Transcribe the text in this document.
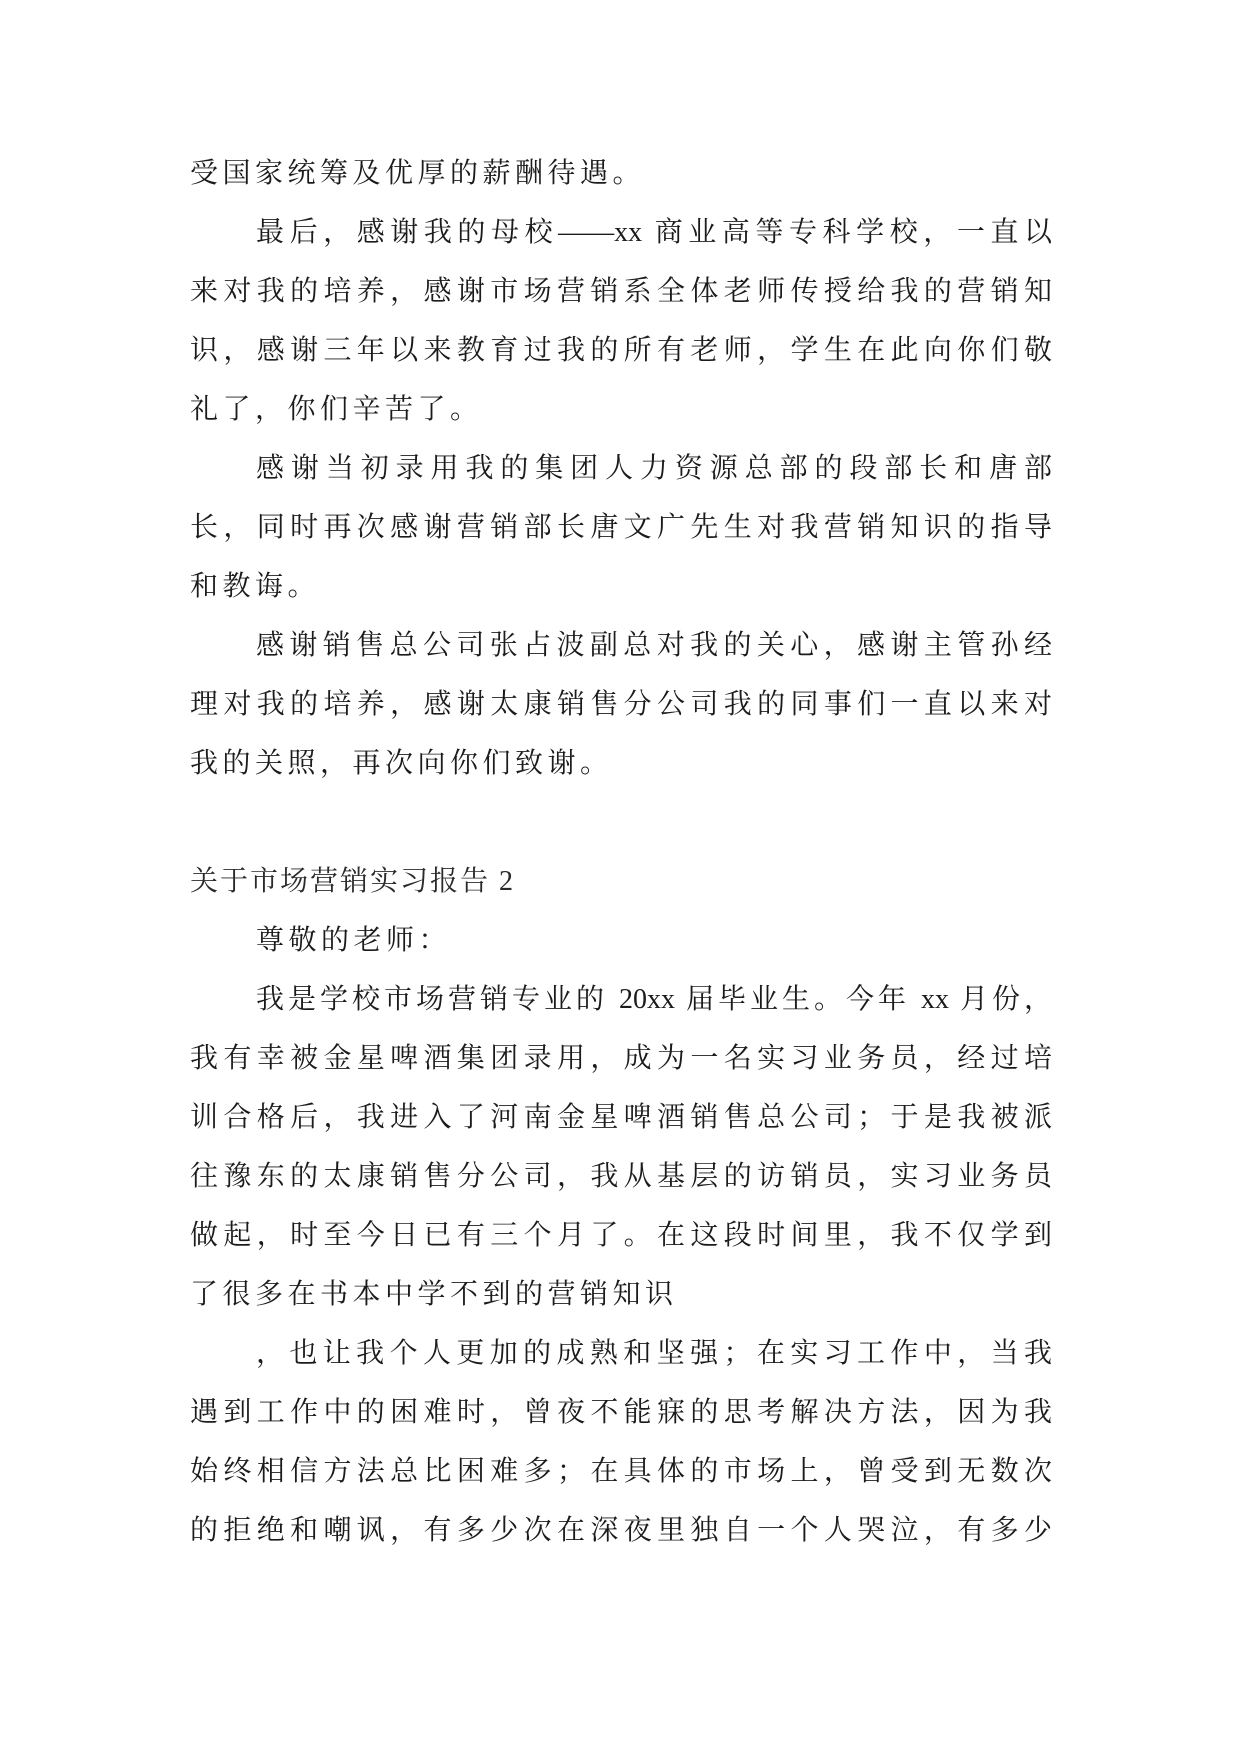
受国家统筹及优厚的薪酬待遇。
最后，感谢我的母校——xx 商业高等专科学校，一直以
来对我的培养，感谢市场营销系全体老师传授给我的营销知
识，感谢三年以来教育过我的所有老师，学生在此向你们敬
礼了，你们辛苦了。
感谢当初录用我的集团人力资源总部的段部长和唐部
长，同时再次感谢营销部长唐文广先生对我营销知识的指导
和教诲。
感谢销售总公司张占波副总对我的关心，感谢主管孙经
理对我的培养，感谢太康销售分公司我的同事们一直以来对
我的关照，再次向你们致谢。
关于市场营销实习报告 2
尊敬的老师：
我是学校市场营销专业的 20xx 届毕业生。今年 xx 月份，
我有幸被金星啤酒集团录用，成为一名实习业务员，经过培
训合格后，我进入了河南金星啤酒销售总公司；于是我被派
往豫东的太康销售分公司，我从基层的访销员，实习业务员
做起，时至今日已有三个月了。在这段时间里，我不仅学到
了很多在书本中学不到的营销知识
，也让我个人更加的成熟和坚强；在实习工作中，当我
遇到工作中的困难时，曾夜不能寐的思考解决方法，因为我
始终相信方法总比困难多；在具体的市场上，曾受到无数次
的拒绝和嘲讽，有多少次在深夜里独自一个人哭泣，有多少
